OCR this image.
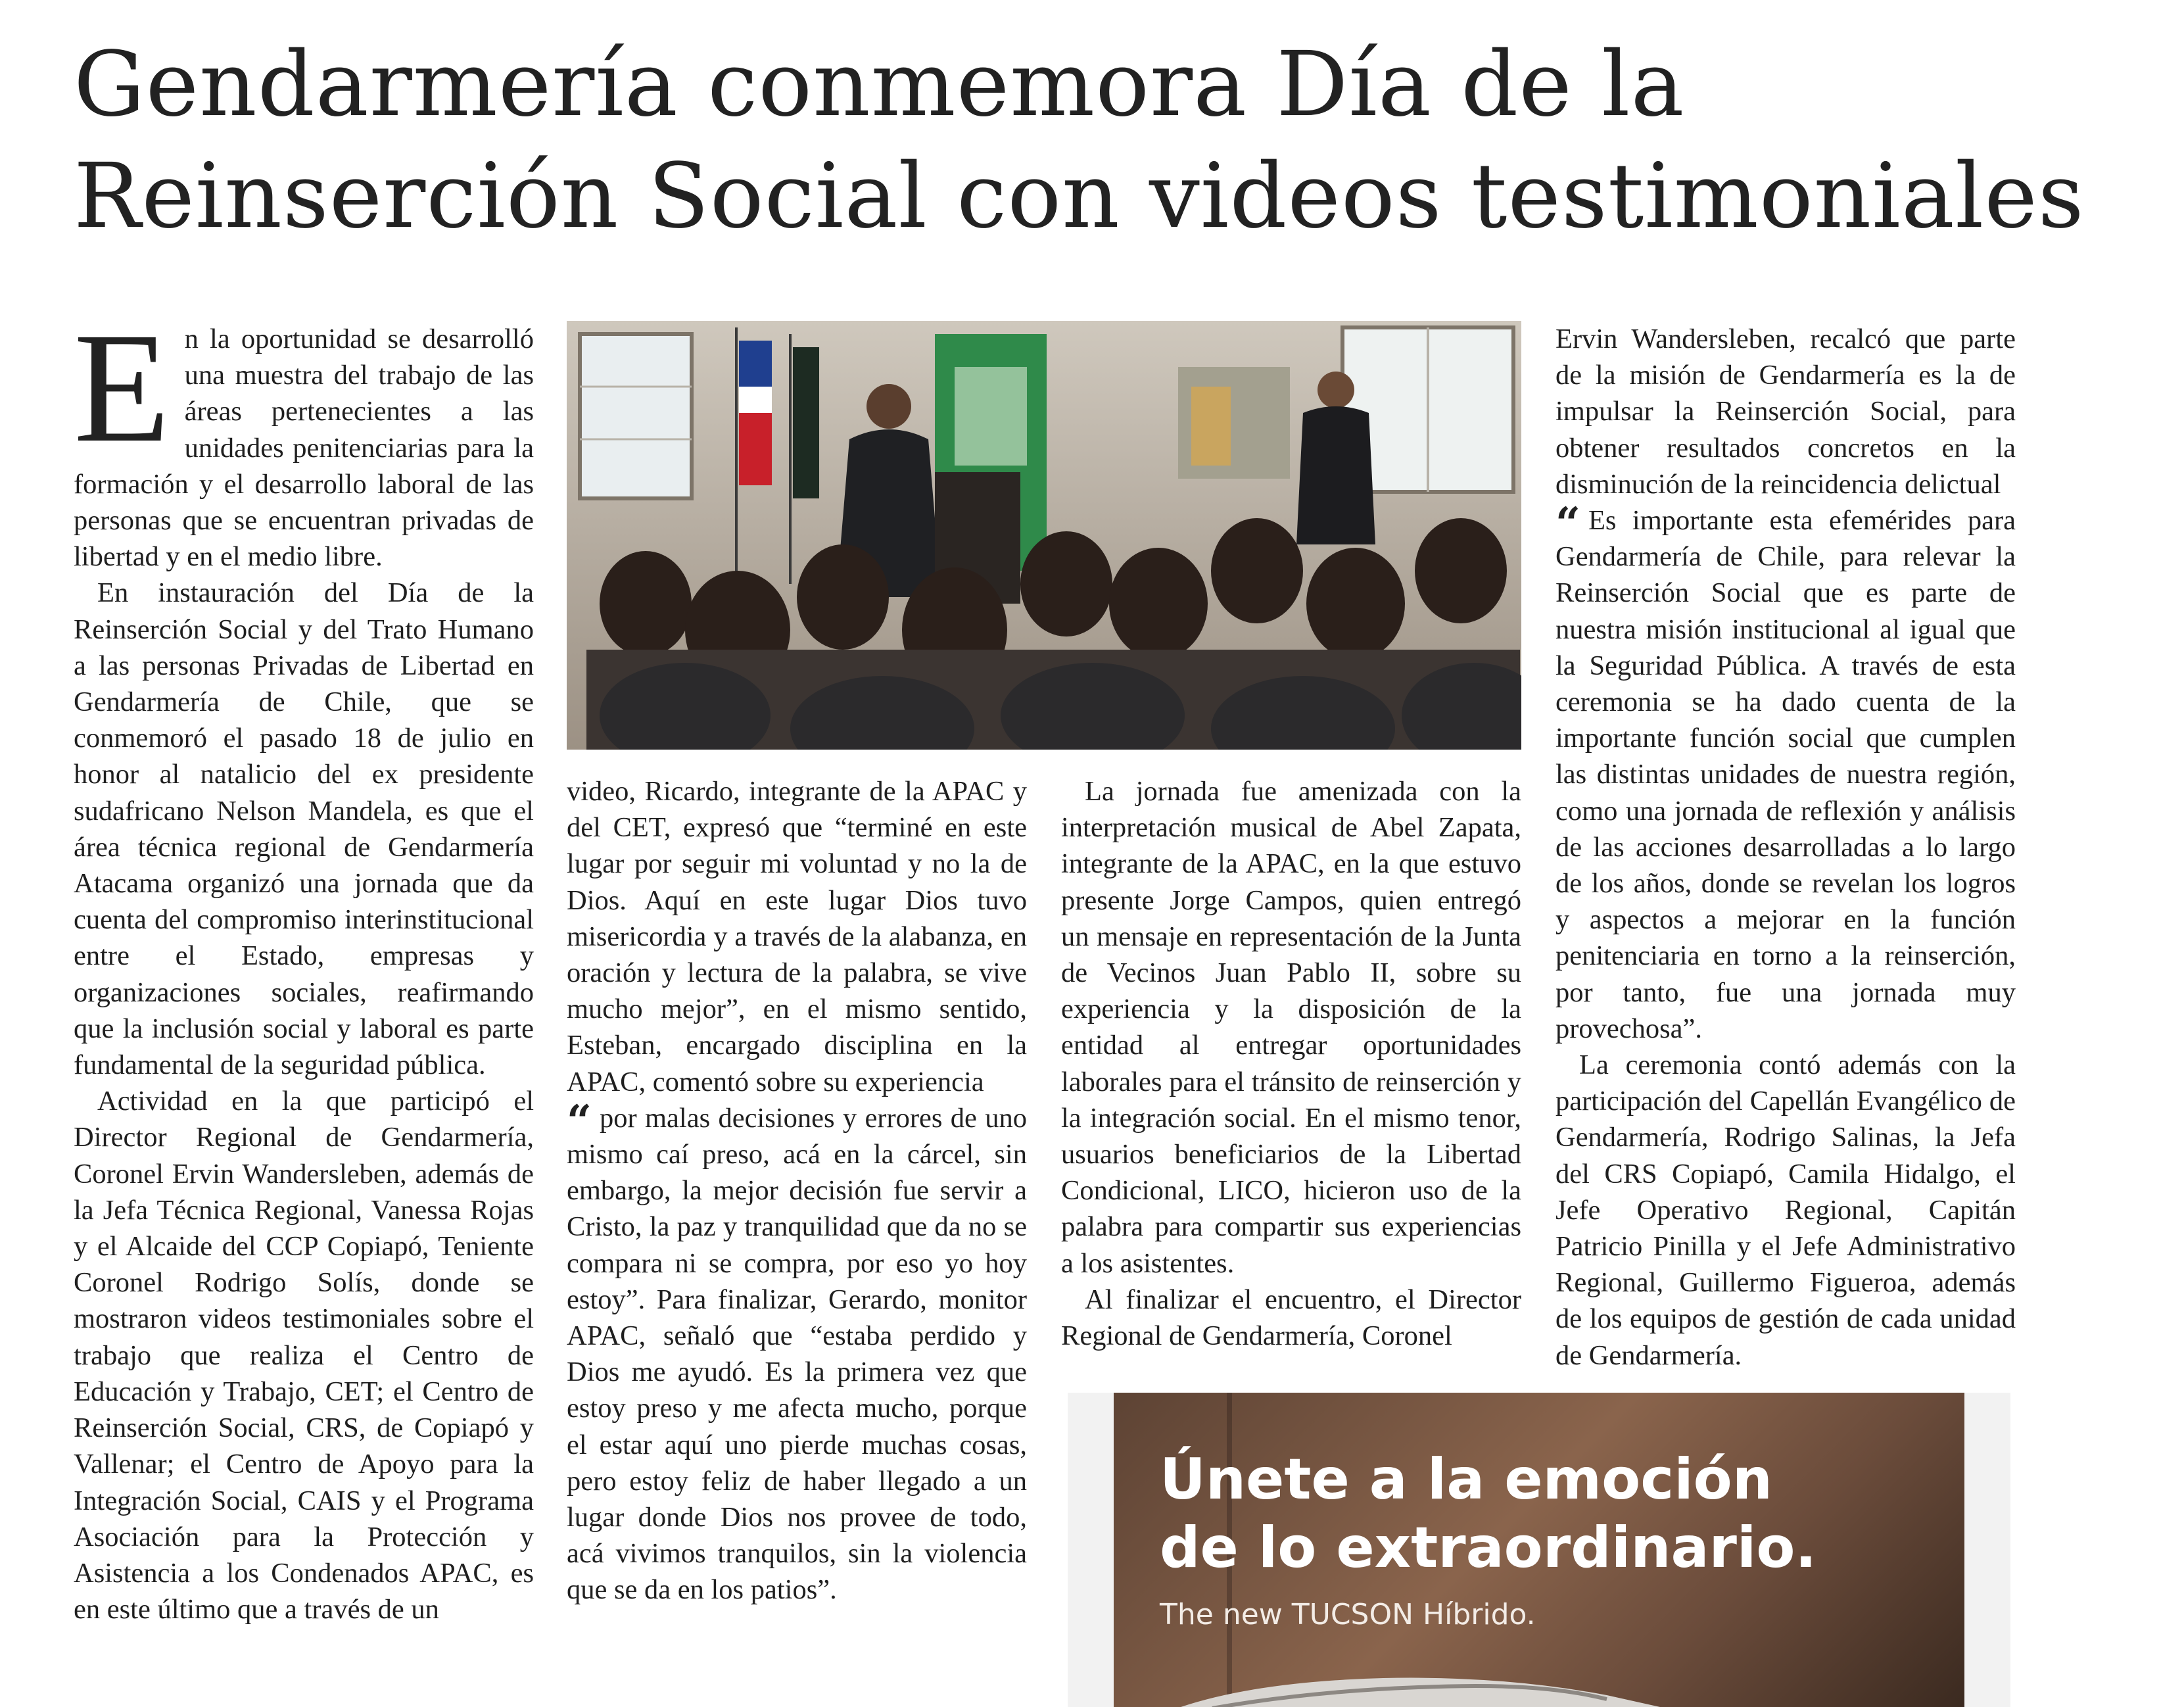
Gendarmería conmemora Día de la Reinserción Social con videos testimoniales

En la oportunidad se desarrolló una muestra del trabajo de las áreas pertenecientes a las unidades penitenciarias para la formación y el desarrollo laboral de las personas que se encuentran privadas de libertad y en el medio libre.

En instauración del Día de la Reinserción Social y del Trato Humano a las personas Privadas de Libertad en Gendarmería de Chile, que se conmemoró el pasado 18 de julio en honor al natalicio del ex presidente sudafricano Nelson Mandela, es que el área técnica regional de Gendarmería Atacama organizó una jornada que da cuenta del compromiso interinstitucional entre el Estado, empresas y organizaciones sociales, reafirmando que la inclusión social y laboral es parte fundamental de la seguridad pública.

Actividad en la que participó el Director Regional de Gendarmería, Coronel Ervin Wandersleben, además de la Jefa Técnica Regional, Vanessa Rojas y el Alcaide del CCP Copiapó, Teniente Coronel Rodrigo Solís, donde se mostraron videos testimoniales sobre el trabajo que realiza el Centro de Educación y Trabajo, CET; el Centro de Reinserción Social, CRS, de Copiapó y Vallenar; el Centro de Apoyo para la Integración Social, CAIS y el Programa Asociación para la Protección y Asistencia a los Condenados APAC, es en este último que a través de un

video, Ricardo, integrante de la APAC y del CET, expresó que “terminé en este lugar por seguir mi voluntad y no la de Dios. Aquí en este lugar Dios tuvo misericordia y a través de la alabanza, en oración y lectura de la palabra, se vive mucho mejor”, en el mismo sentido, Esteban, encargado disciplina en la APAC, comentó sobre su experiencia

“ por malas decisiones y errores de uno mismo caí preso, acá en la cárcel, sin embargo, la mejor decisión fue servir a Cristo, la paz y tranquilidad que da no se compara ni se compra, por eso yo hoy estoy”. Para finalizar, Gerardo, monitor APAC, señaló que “estaba perdido y Dios me ayudó. Es la primera vez que estoy preso y me afecta mucho, porque el estar aquí uno pierde muchas cosas, pero estoy feliz de haber llegado a un lugar donde Dios nos provee de todo, acá vivimos tranquilos, sin la violencia que se da en los patios”.

La jornada fue amenizada con la interpretación musical de Abel Zapata, integrante de la APAC, en la que estuvo presente Jorge Campos, quien entregó un mensaje en representación de la Junta de Vecinos Juan Pablo II, sobre su experiencia y la disposición de la entidad al entregar oportunidades laborales para el tránsito de reinserción y la integración social. En el mismo tenor, usuarios beneficiarios de la Libertad Condicional, LICO, hicieron uso de la palabra para compartir sus experiencias a los asistentes.

Al finalizar el encuentro, el Director Regional de Gendarmería, Coronel

Ervin Wandersleben, recalcó que parte de la misión de Gendarmería es la de impulsar la Reinserción Social, para obtener resultados concretos en la disminución de la reincidencia delictual

“ Es importante esta efemérides para Gendarmería de Chile, para relevar la Reinserción Social que es parte de nuestra misión institucional al igual que la Seguridad Pública. A través de esta ceremonia se ha dado cuenta de la importante función social que cumplen las distintas unidades de nuestra región, como una jornada de reflexión y análisis de las acciones desarrolladas a lo largo de los años, donde se revelan los logros y aspectos a mejorar en la función penitenciaria en torno a la reinserción, por tanto, fue una jornada muy provechosa”.

La ceremonia contó además con la participación del Capellán Evangélico de Gendarmería, Rodrigo Salinas, la Jefa del CRS Copiapó, Camila Hidalgo, el Jefe Operativo Regional, Capitán Patricio Pinilla y el Jefe Administrativo Regional, Guillermo Figueroa, además de los equipos de gestión de cada unidad de Gendarmería.

Únete a la emoción
de lo extraordinario.

The new TUCSON Híbrido.
